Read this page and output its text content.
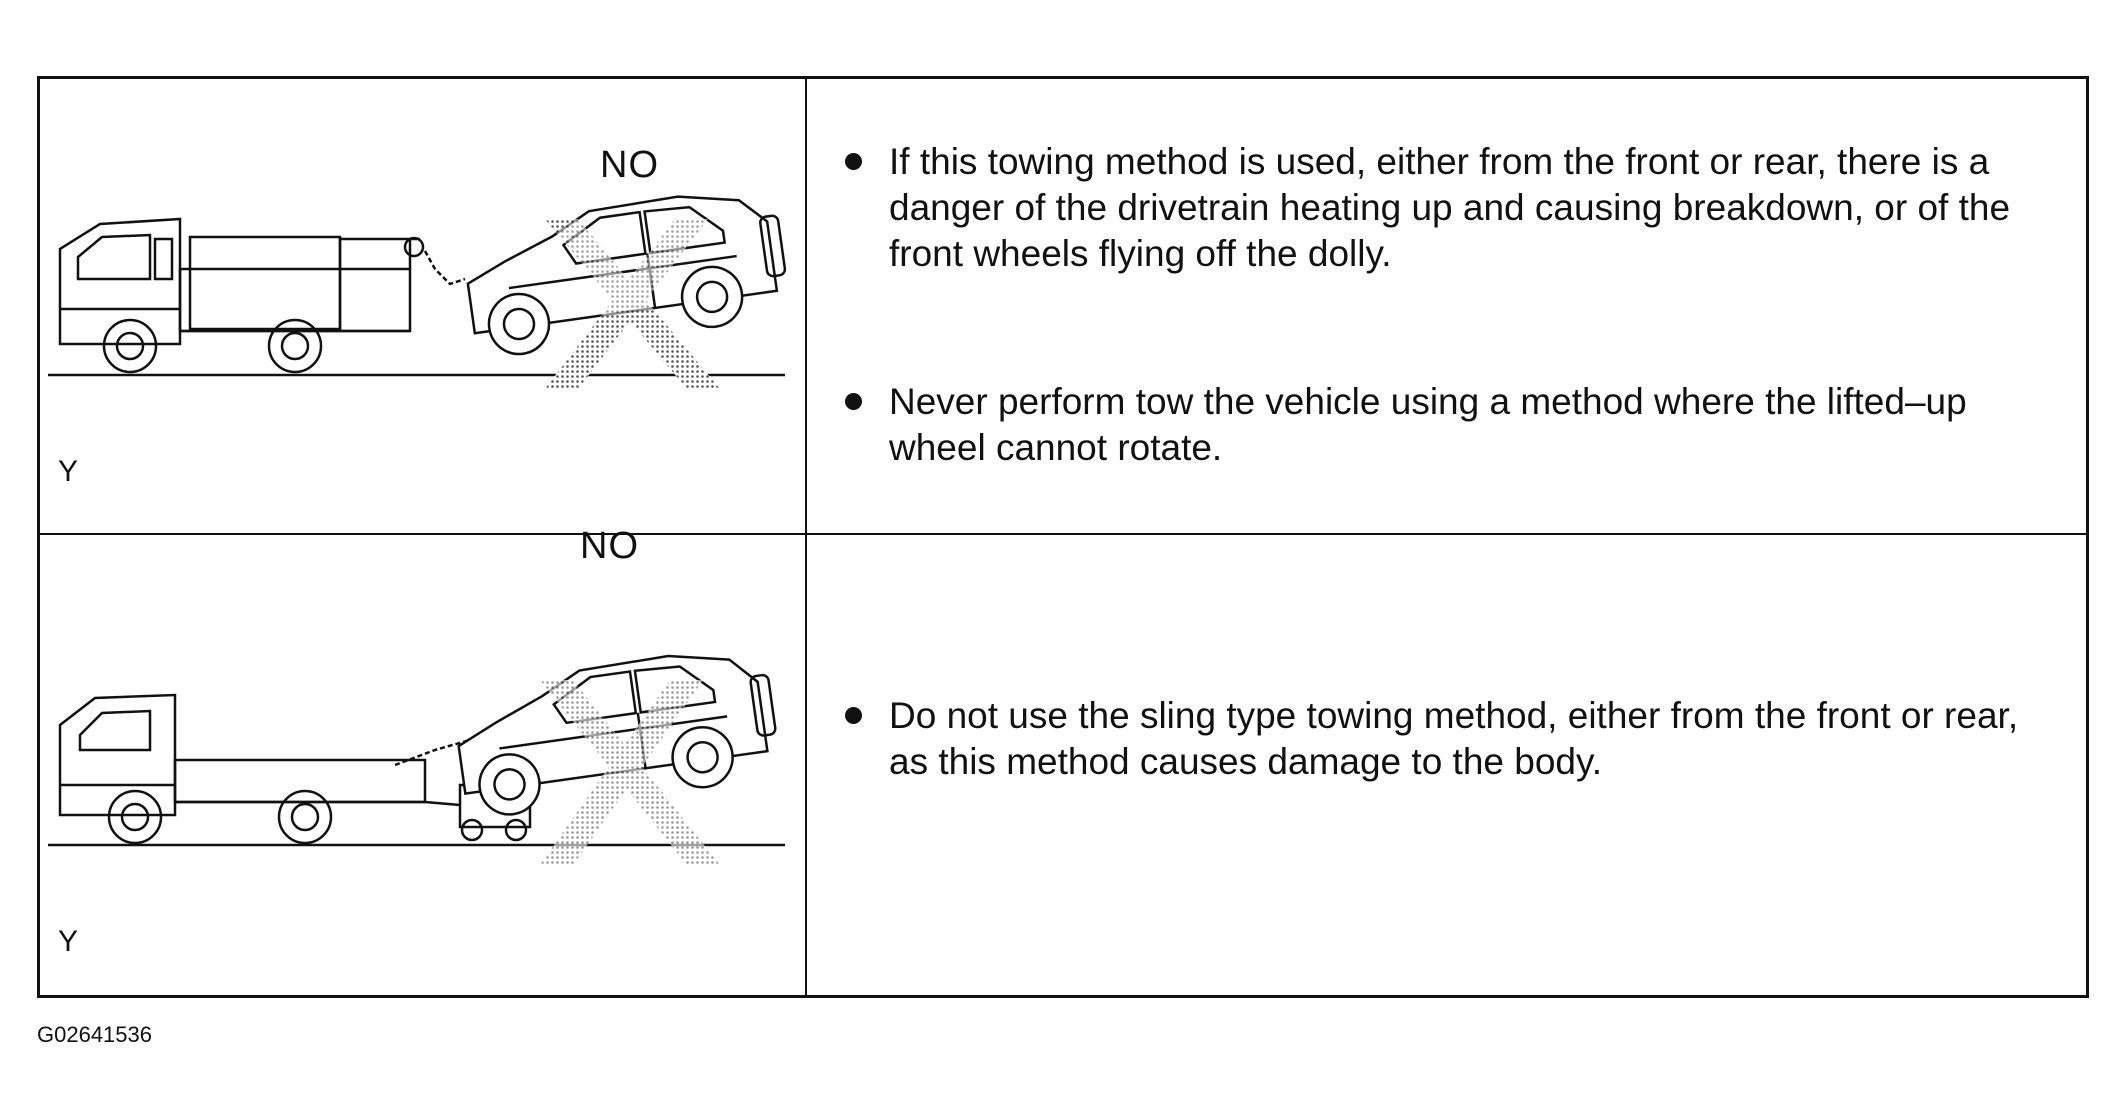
NO
Y
If this towing method is used, either from the front or rear, there is a danger of the drivetrain heating up and causing breakdown, or of the front wheels flying off the dolly.
Never perform tow the vehicle using a method where the lifted–up wheel cannot rotate.
NO
Y
Do not use the sling type towing method, either from the front or rear, as this method causes damage to the body.
G02641536
